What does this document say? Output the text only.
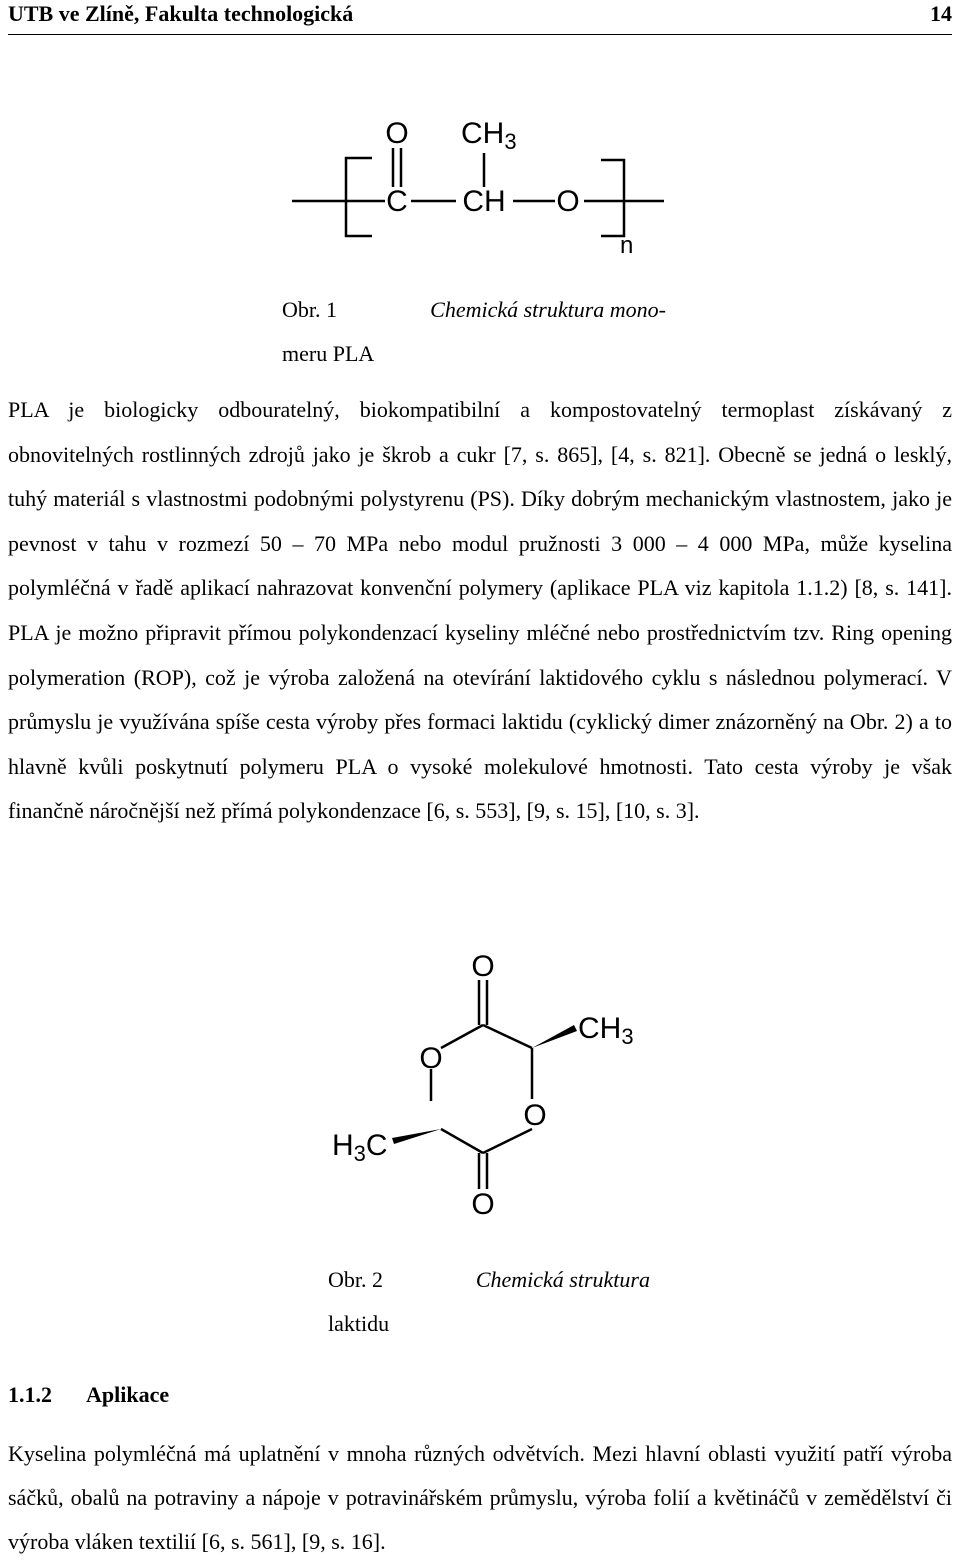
UTB ve Zlíně, Fakulta technologická	14
O
C CH O
$CH_3$
n
Obr. 1	Chemická struktura mono-
meru PLA
PLA je biologicky odbouratelný, biokompatibilní a kompostovatelný termoplast získávaný z obnovitelných rostlinných zdrojů jako je škrob a cukr [7, s. 865], [4, s. 821]. Obecně se jedná o lesklý, tuhý materiál s vlastnostmi podobnými polystyrenu (PS). Díky dobrým mechanickým vlastnostem, jako je pevnost v tahu v rozmezí 50 – 70 MPa nebo modul pružnosti 3 000 – 4 000 MPa, může kyselina polymléčná v řadě aplikací nahrazovat konvenční polymery (aplikace PLA viz kapitola 1.1.2) [8, s. 141]. PLA je možno připravit přímou polykondenzací kyseliny mléčné nebo prostřednictvím tzv. Ring opening polymeration (ROP), což je výroba založená na otevírání laktidového cyklu s následnou polymerací. V průmyslu je využívána spíše cesta výroby přes formaci laktidu (cyklický dimer znázorněný na Obr. 2) a to hlavně kvůli poskytnutí polymeru PLA o vysoké molekulové hmotnosti. Tato cesta výroby je však finančně náročnější než přímá polykondenzace [6, s. 553], [9, s. 15], [10, s. 3].
O
O
O
O
$CH_3$
$H_3C$
Obr. 2	Chemická struktura
laktidu
1.1.2 Aplikace
Kyselina polymléčná má uplatnění v mnoha různých odvětvích. Mezi hlavní oblasti využití patří výroba sáčků, obalů na potraviny a nápoje v potravinářském průmyslu, výroba folií a květináčů v zemědělství či výroba vláken textilií [6, s. 561], [9, s. 16].
